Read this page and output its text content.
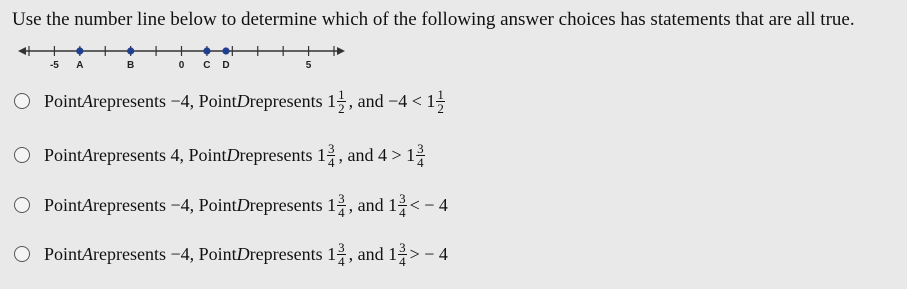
Use the number line below to determine which of the following answer choices has statements that are all true.
-5 A	B	0 C D	5
Point A represents −4, Point D represents $1 \frac{1}{2}$ , and $-4 < 1 \frac{1}{2}$
Point A represents 4, Point D represents $1 \frac{3}{4}$ , and $4 > 1 \frac{3}{4}$
Point A represents −4, Point D represents $1 \frac{3}{4}$ , and $1 \frac{3}{4}$ < − 4
Point A represents −4, Point D represents $1 \frac{3}{4}$ , and $1 \frac{3}{4}$ > − 4
